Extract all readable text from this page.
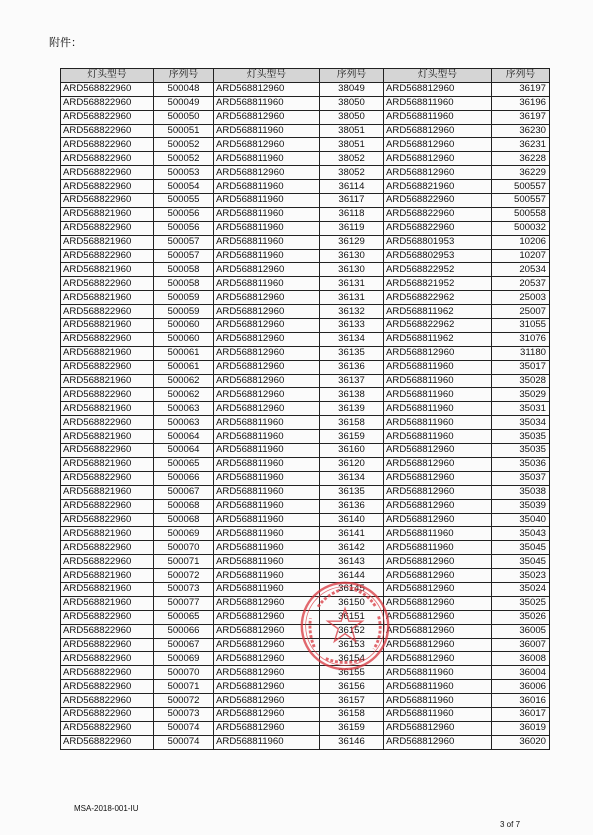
附件：
灯头型号	序列号	灯头型号	序列号	灯头型号	序列号
ARD568822960	500048	ARD568812960	38049	ARD568812960	36197
ARD568822960	500049	ARD568811960	38050	ARD568811960	36196
ARD568822960	500050	ARD568812960	38050	ARD568811960	36197
ARD568822960	500051	ARD568811960	38051	ARD568812960	36230
ARD568822960	500052	ARD568812960	38051	ARD568812960	36231
ARD568822960	500052	ARD568811960	38052	ARD568812960	36228
ARD568822960	500053	ARD568812960	38052	ARD568812960	36229
ARD568822960	500054	ARD568811960	36114	ARD568821960	500557
ARD568822960	500055	ARD568811960	36117	ARD568822960	500557
ARD568821960	500056	ARD568811960	36118	ARD568822960	500558
ARD568822960	500056	ARD568811960	36119	ARD568822960	500032
ARD568821960	500057	ARD568811960	36129	ARD568801953	10206
ARD568822960	500057	ARD568811960	36130	ARD568802953	10207
ARD568821960	500058	ARD568812960	36130	ARD568822952	20534
ARD568822960	500058	ARD568811960	36131	ARD568821952	20537
ARD568821960	500059	ARD568812960	36131	ARD568822962	25003
ARD568822960	500059	ARD568812960	36132	ARD568811962	25007
ARD568821960	500060	ARD568812960	36133	ARD568822962	31055
ARD568822960	500060	ARD568812960	36134	ARD568811962	31076
ARD568821960	500061	ARD568812960	36135	ARD568812960	31180
ARD568822960	500061	ARD568812960	36136	ARD568811960	35017
ARD568821960	500062	ARD568812960	36137	ARD568811960	35028
ARD568822960	500062	ARD568812960	36138	ARD568811960	35029
ARD568821960	500063	ARD568812960	36139	ARD568811960	35031
ARD568822960	500063	ARD568811960	36158	ARD568811960	35034
ARD568821960	500064	ARD568811960	36159	ARD568811960	35035
ARD568822960	500064	ARD568811960	36160	ARD568812960	35035
ARD568821960	500065	ARD568811960	36120	ARD568812960	35036
ARD568822960	500066	ARD568811960	36134	ARD568812960	35037
ARD568821960	500067	ARD568811960	36135	ARD568812960	35038
ARD568822960	500068	ARD568811960	36136	ARD568812960	35039
ARD568822960	500068	ARD568811960	36140	ARD568812960	35040
ARD568821960	500069	ARD568811960	36141	ARD568811960	35043
ARD568822960	500070	ARD568811960	36142	ARD568811960	35045
ARD568822960	500071	ARD568811960	36143	ARD568812960	35045
ARD568821960	500072	ARD568811960	36144	ARD568812960	35023
ARD568821960	500073	ARD568811960	36145	ARD568812960	35024
ARD568821960	500077	ARD568812960	36150	ARD568812960	35025
ARD568822960	500065	ARD568812960	36151	ARD568812960	35026
ARD568822960	500066	ARD568812960	36152	ARD568812960	36005
ARD568822960	500067	ARD568812960	36153	ARD568812960	36007
ARD568822960	500069	ARD568812960	36154	ARD568812960	36008
ARD568822960	500070	ARD568812960	36155	ARD568811960	36004
ARD568822960	500071	ARD568812960	36156	ARD568811960	36006
ARD568822960	500072	ARD568812960	36157	ARD568811960	36016
ARD568822960	500073	ARD568812960	36158	ARD568811960	36017
ARD568822960	500074	ARD568812960	36159	ARD568812960	36019
ARD568822960	500074	ARD568811960	36146	ARD568812960	36020
MSA-2018-001-IU
3 of 7
